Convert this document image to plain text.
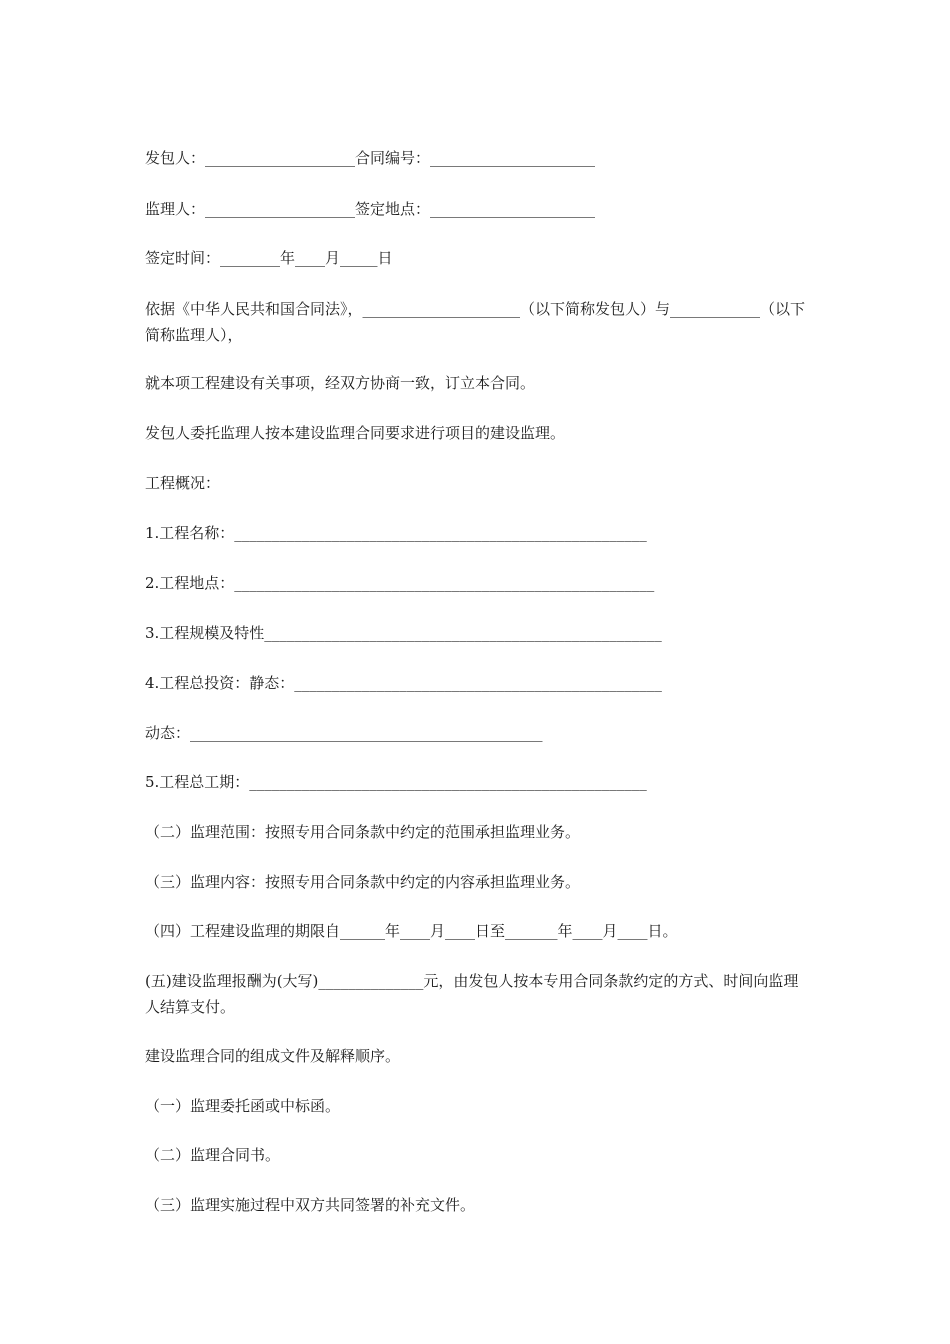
发包人：____________________合同编号：______________________
监理人：____________________签定地点：______________________
签定时间：________年____月_____日
依据《中华人民共和国合同法》，_____________________（以下简称发包人）与____________（以下简称监理人），
就本项工程建设有关事项，经双方协商一致，订立本合同。
发包人委托监理人按本建设监理合同要求进行项目的建设监理。
工程概况：
1.工程名称：_______________________________________________________
2.工程地点：________________________________________________________
3.工程规模及特性_____________________________________________________
4.工程总投资：静态：_________________________________________________
动态：_______________________________________________
5.工程总工期：_____________________________________________________
（二）监理范围：按照专用合同条款中约定的范围承担监理业务。
（三）监理内容：按照专用合同条款中约定的内容承担监理业务。
（四）工程建设监理的期限自______年____月____日至_______年____月____日。
(五)建设监理报酬为(大写)______________元，由发包人按本专用合同条款约定的方式、时间向监理人结算支付。
建设监理合同的组成文件及解释顺序。
（一）监理委托函或中标函。
（二）监理合同书。
（三）监理实施过程中双方共同签署的补充文件。
